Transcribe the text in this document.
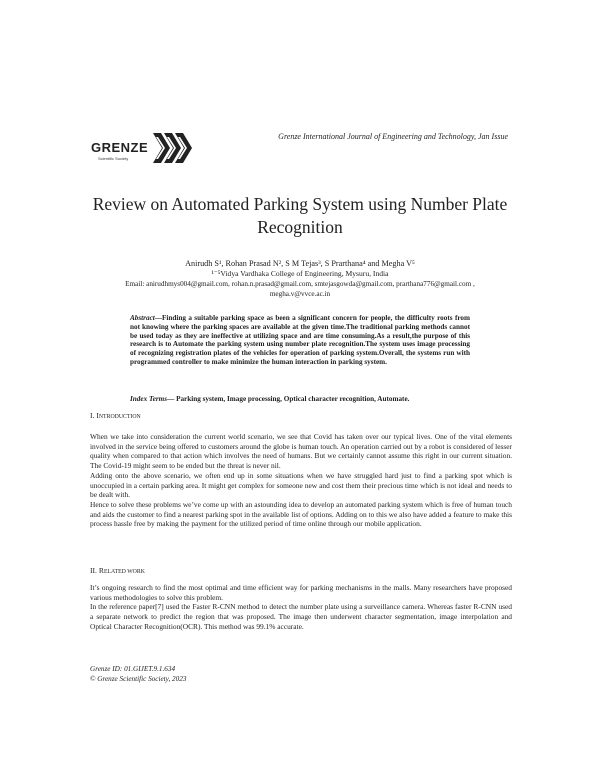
GRENZE
Scientific Society
Grenze International Journal of Engineering and Technology, Jan Issue
Review on Automated Parking System using Number Plate Recognition
Anirudh S¹, Rohan Prasad N², S M Tejas³, S Prarthana⁴ and Megha V⁵
¹⁻⁵Vidya Vardhaka College of Engineering, Mysuru, India
Email: anirudhmys004@gmail.com, rohan.n.prasad@gmail.com, smtejasgowda@gmail.com, prarthana776@gmail.com ,
megha.v@vvce.ac.in
Abstract—Finding a suitable parking space as been a significant concern for people, the difficulty roots from not knowing where the parking spaces are available at the given time.The traditional parking methods cannot be used today as they are ineffective at utilizing space and are time consuming.As a result,the purpose of this research is to Automate the parking system using number plate recognition.The system uses image processing of recognizing registration plates of the vehicles for operation of parking system.Overall, the systems run with programmed controller to make minimize the human interaction in parking system.
Index Terms— Parking system, Image processing, Optical character recognition, Automate.
I. INTRODUCTION

When we take into consideration the current world scenario, we see that Covid has taken over our typical lives. One of the vital elements involved in the service being offered to customers around the globe is human touch. An operation carried out by a robot is considered of lesser quality when compared to that action which involves the need of humans. But we certainly cannot assume this right in our current situation. The Covid-19 might seem to be ended but the threat is never nil.

Adding onto the above scenario, we often end up in some situations when we have struggled hard just to find a parking spot which is unoccupied in a certain parking area. It might get complex for someone new and cost them their precious time which is not ideal and needs to be dealt with.

Hence to solve these problems we’ve come up with an astounding idea to develop an automated parking system which is free of human touch and aids the customer to find a nearest parking spot in the available list of options. Adding on to this we also have added a feature to make this process hassle free by making the payment for the utilized period of time online through our mobile application.

II. RELATED WORK

It’s ongoing research to find the most optimal and time efficient way for parking mechanisms in the malls. Many researchers have proposed various methodologies to solve this problem.

In the reference paper[7] used the Faster R-CNN method to detect the number plate using a surveillance camera. Whereas faster R-CNN used a separate network to predict the region that was proposed. The image then underwent character segmentation, image interpolation and Optical Character Recognition(OCR). This method was 99.1% accurate.

Grenze ID: 01.GIJET.9.1.634
© Grenze Scientific Society, 2023
